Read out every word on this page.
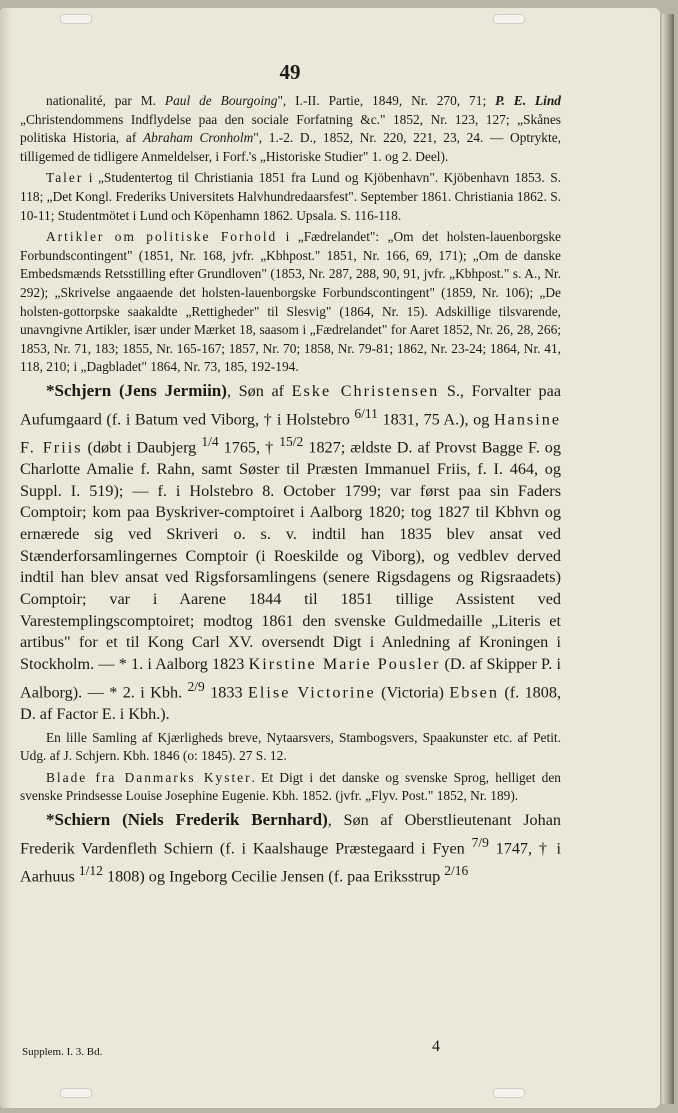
49

nationalité, par M. Paul de Bourgoing", I.-II. Partie, 1849, Nr. 270, 71; P. E. Lind „Christendommens Indflydelse paa den sociale Forfatning &c." 1852, Nr. 123, 127; „Skånes politiska Historia, af Abraham Cronholm", 1.-2. D., 1852, Nr. 220, 221, 23, 24. — Optrykte, tilligemed de tidligere Anmeldelser, i Forf.'s „Historiske Studier" 1. og 2. Deel).

Taler i „Studentertog til Christiania 1851 fra Lund og Kjöbenhavn". Kjöbenhavn 1853. S. 118; „Det Kongl. Frederiks Universitets Halvhundredaarsfest". September 1861. Christiania 1862. S. 10-11; Studentmötet i Lund och Köpenhamn 1862. Upsala. S. 116-118.

Artikler om politiske Forhold i „Fædrelandet": „Om det holsten-lauenborgske Forbundscontingent" (1851, Nr. 168, jvfr. „Kbhpost." 1851, Nr. 166, 69, 171); „Om de danske Embedsmænds Retsstilling efter Grundloven" (1853, Nr. 287, 288, 90, 91, jvfr. „Kbhpost." s. A., Nr. 292); „Skrivelse angaaende det holsten-lauenborgske Forbundscontingent" (1859, Nr. 106); „De holsten-gottorpske saakaldte „Rettigheder" til Slesvig" (1864, Nr. 15). Adskillige tilsvarende, unavngivne Artikler, især under Mærket 18, saasom i „Fædrelandet" for Aaret 1852, Nr. 26, 28, 266; 1853, Nr. 71, 183; 1855, Nr. 165-167; 1857, Nr. 70; 1858, Nr. 79-81; 1862, Nr. 23-24; 1864, Nr. 41, 118, 210; i „Dagbladet" 1864, Nr. 73, 185, 192-194.

*Schjern (Jens Jermiin), Søn af Eske Christensen S., Forvalter paa Aufumgaard (f. i Batum ved Viborg, † i Holstebro $^{6/11}$ 1831, 75 A.), og Hansine F. Friis (døbt i Daubjerg $^{1/4}$ 1765, † $^{15/2}$ 1827; ældste D. af Provst Bagge F. og Charlotte Amalie f. Rahn, samt Søster til Præsten Immanuel Friis, f. I. 464, og Suppl. I. 519); — f. i Holstebro 8. October 1799; var først paa sin Faders Comptoir; kom paa Byskriver-comptoiret i Aalborg 1820; tog 1827 til Kbhvn og ernærede sig ved Skriveri o. s. v. indtil han 1835 blev ansat ved Stænderforsamlingernes Comptoir (i Roeskilde og Viborg), og vedblev derved indtil han blev ansat ved Rigsforsamlingens (senere Rigsdagens og Rigsraadets) Comptoir; var i Aarene 1844 til 1851 tillige Assistent ved Varestemplingscomptoiret; modtog 1861 den svenske Guldmedaille „Literis et artibus" for et til Kong Carl XV. oversendt Digt i Anledning af Kroningen i Stockholm. — * 1. i Aalborg 1823 Kirstine Marie Pousler (D. af Skipper P. i Aalborg). — * 2. i Kbh. $^{2/9}$ 1833 Elise Victorine (Victoria) Ebsen (f. 1808, D. af Factor E. i Kbh.).

En lille Samling af Kjærligheds breve, Nytaarsvers, Stambogsvers, Spaakunster etc. af Petit. Udg. af J. Schjern. Kbh. 1846 (o: 1845). 27 S. 12.

Blade fra Danmarks Kyster. Et Digt i det danske og svenske Sprog, helliget den svenske Prindsesse Louise Josephine Eugenie. Kbh. 1852. (jvfr. „Flyv. Post." 1852, Nr. 189).

*Schiern (Niels Frederik Bernhard), Søn af Oberstlieutenant Johan Frederik Vardenfleth Schiern (f. i Kaalshauge Præstegaard i Fyen $^{7/9}$ 1747, † i Aarhuus $^{1/12}$ 1808) og Ingeborg Cecilie Jensen (f. paa Eriksstrup $^{2/16}$

Supplem. I. 3. Bd.	4
